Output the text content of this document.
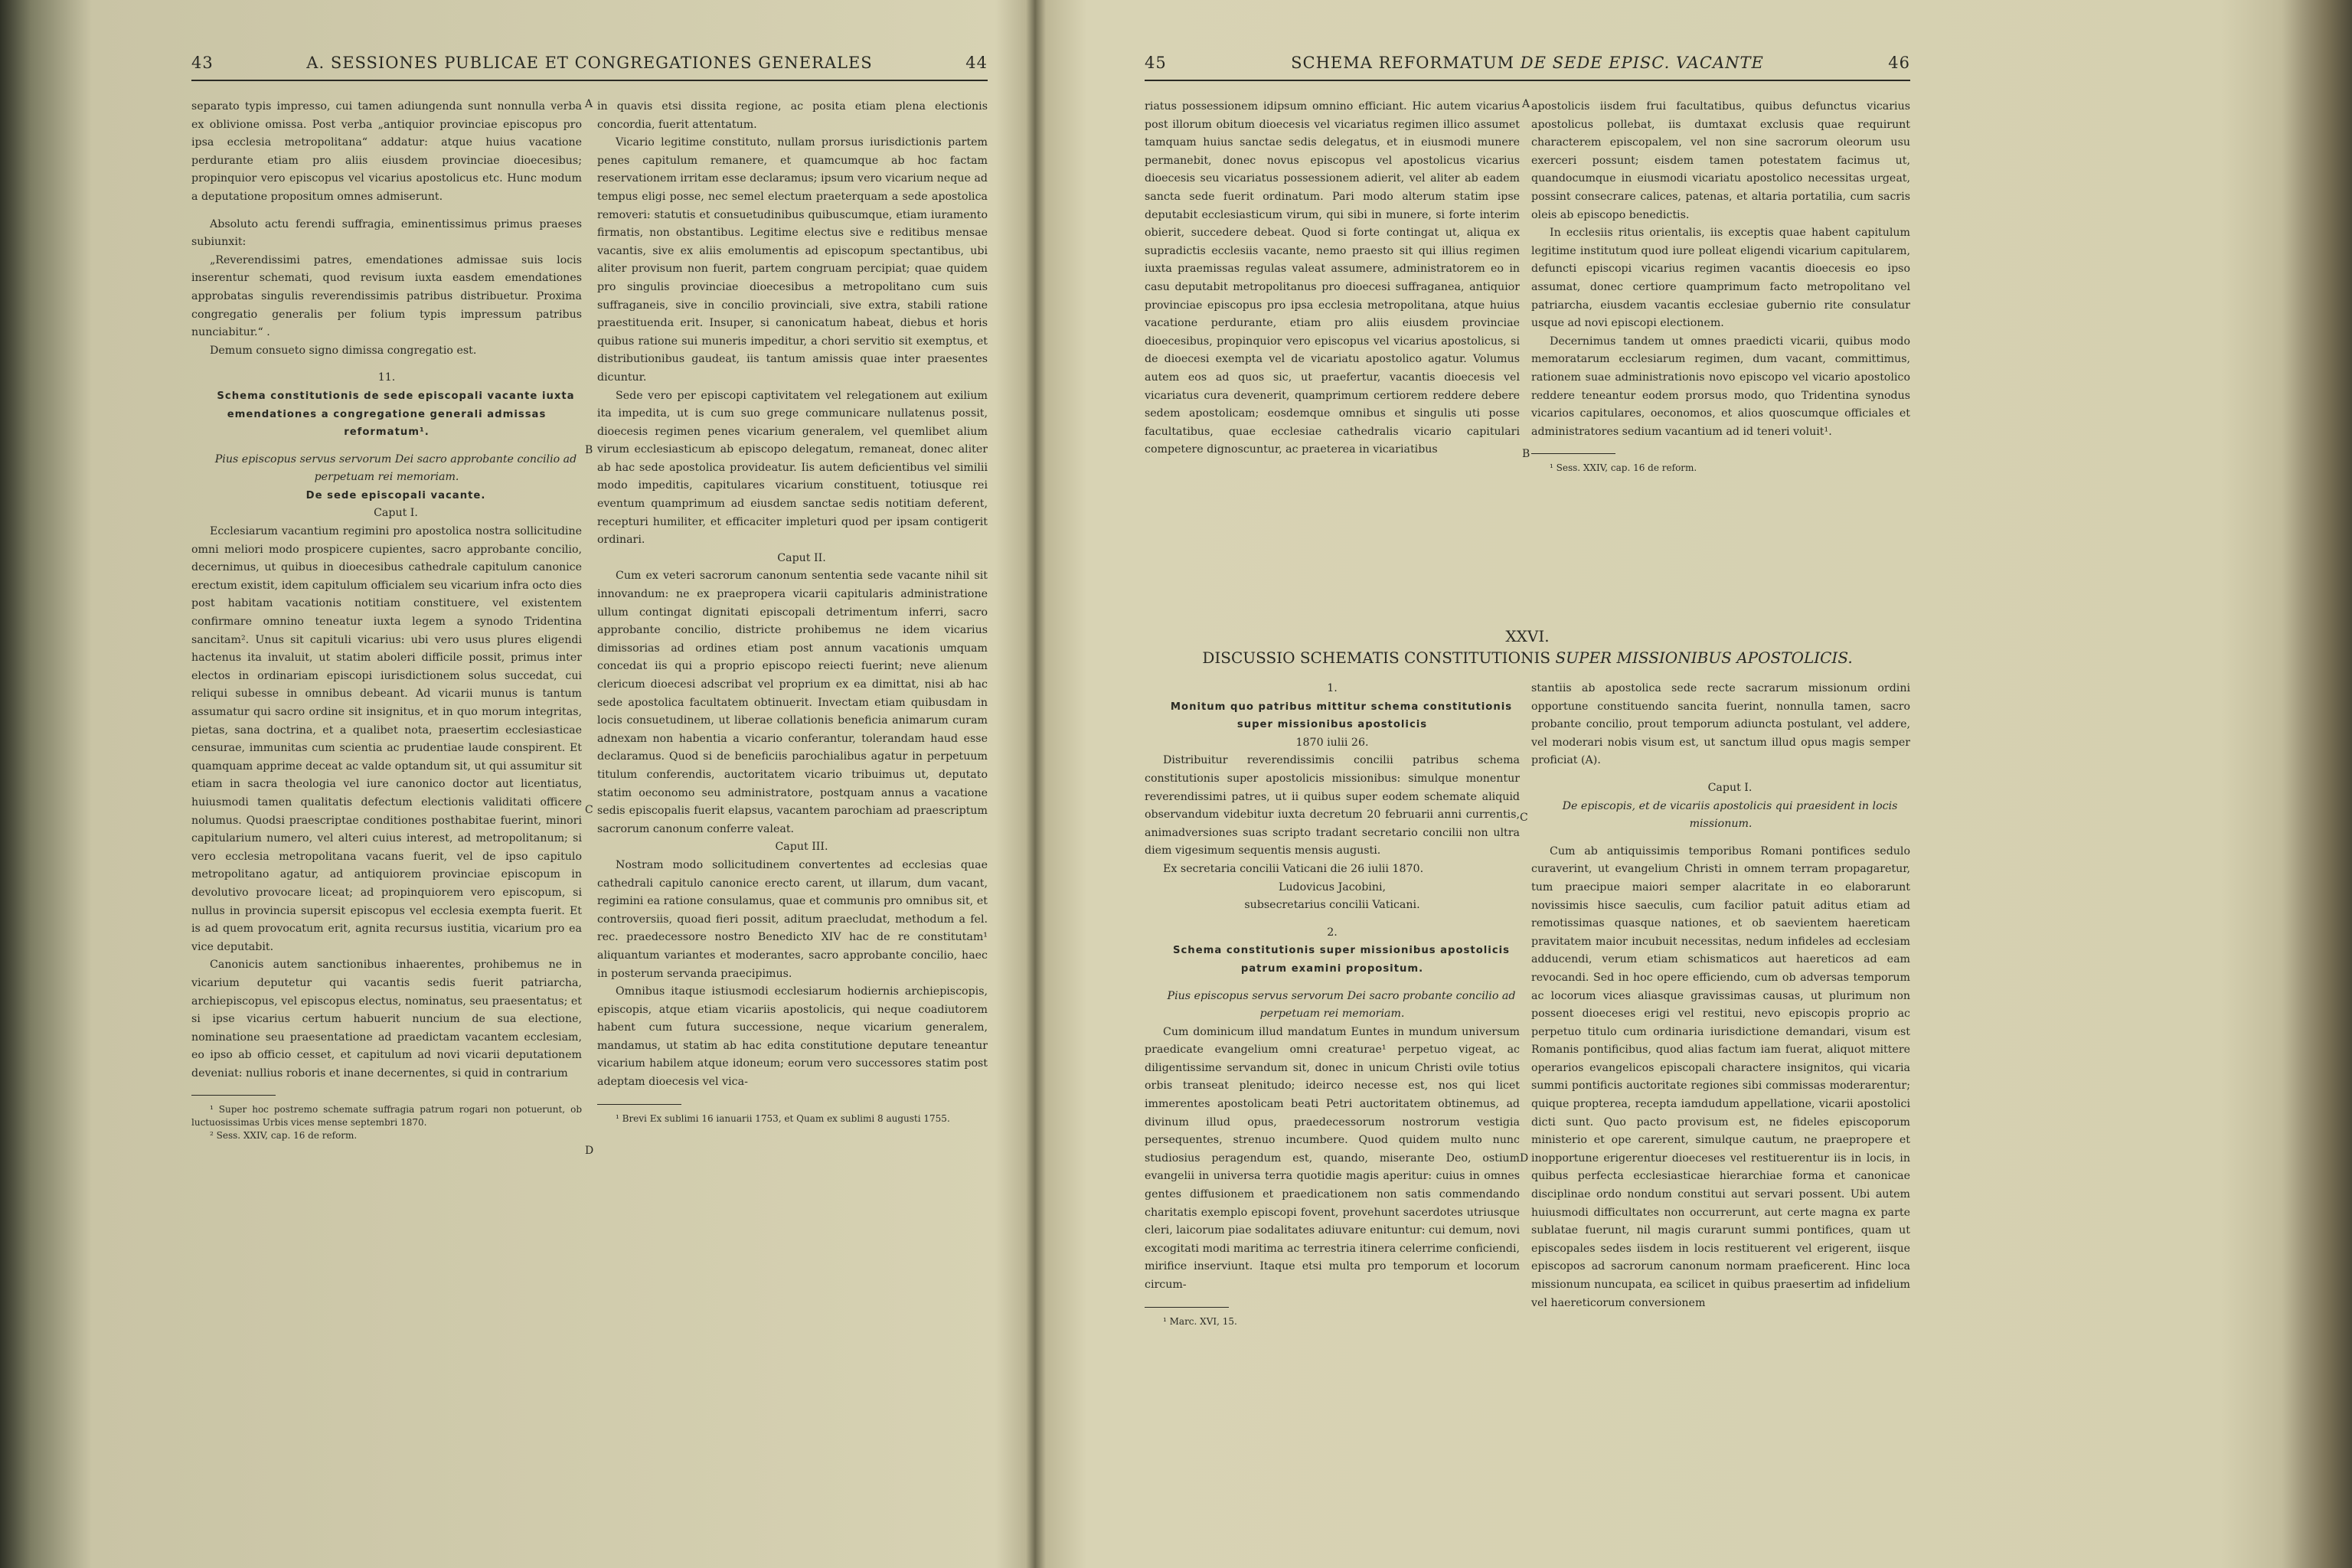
43	A. SESSIONES PUBLICAE ET CONGREGATIONES GENERALES	44

separato typis impresso, cui tamen adiungenda sunt nonnulla verba ex oblivione omissa. Post verba „antiquior provinciae episcopus pro ipsa ecclesia metropolitana“ addatur: atque huius vacatione perdurante etiam pro aliis eiusdem provinciae dioecesibus; propinquior vero episcopus vel vicarius apostolicus etc. Hunc modum a deputatione propositum omnes admiserunt.

Absoluto actu ferendi suffragia, eminentissimus primus praeses subiunxit:

„Reverendissimi patres, emendationes admissae suis locis inserentur schemati, quod revisum iuxta easdem emendationes approbatas singulis reverendissimis patribus distribuetur. Proxima congregatio generalis per folium typis impressum patribus nunciabitur.“ .

Demum consueto signo dimissa congregatio est.

11.

Schema constitutionis de sede episcopali vacante iuxta emendationes a congregatione generali admissas reformatum¹.

Pius episcopus servus servorum Dei sacro approbante concilio ad perpetuam rei memoriam.

De sede episcopali vacante.

Caput I.

Ecclesiarum vacantium regimini pro apostolica nostra sollicitudine omni meliori modo prospicere cupientes, sacro approbante concilio, decernimus, ut quibus in dioecesibus cathedrale capitulum canonice erectum existit, idem capitulum officialem seu vicarium infra octo dies post habitam vacationis notitiam constituere, vel existentem confirmare omnino teneatur iuxta legem a synodo Tridentina sancitam². Unus sit capituli vicarius: ubi vero usus plures eligendi hactenus ita invaluit, ut statim aboleri difficile possit, primus inter electos in ordinariam episcopi iurisdictionem solus succedat, cui reliqui subesse in omnibus debeant. Ad vicarii munus is tantum assumatur qui sacro ordine sit insignitus, et in quo morum integritas, pietas, sana doctrina, et a qualibet nota, praesertim ecclesiasticae censurae, immunitas cum scientia ac prudentiae laude conspirent. Et quamquam apprime deceat ac valde optandum sit, ut qui assumitur sit etiam in sacra theologia vel iure canonico doctor aut licentiatus, huiusmodi tamen qualitatis defectum electionis validitati officere nolumus. Quodsi praescriptae conditiones posthabitae fuerint, minori capitularium numero, vel alteri cuius interest, ad metropolitanum; si vero ecclesia metropolitana vacans fuerit, vel de ipso capitulo metropolitano agatur, ad antiquiorem provinciae episcopum in devolutivo provocare liceat; ad propinquiorem vero episcopum, si nullus in provincia supersit episcopus vel ecclesia exempta fuerit. Et is ad quem provocatum erit, agnita recursus iustitia, vicarium pro ea vice deputabit.

Canonicis autem sanctionibus inhaerentes, prohibemus ne in vicarium deputetur qui vacantis sedis fuerit patriarcha, archiepiscopus, vel episcopus electus, nominatus, seu praesentatus; et si ipse vicarius certum habuerit nuncium de sua electione, nominatione seu praesentatione ad praedictam vacantem ecclesiam, eo ipso ab officio cesset, et capitulum ad novi vicarii deputationem deveniat: nullius roboris et inane decernentes, si quid in contrarium

¹ Super hoc postremo schemate suffragia patrum rogari non potuerunt, ob luctuosissimas Urbis vices mense septembri 1870.

² Sess. XXIV, cap. 16 de reform.

in quavis etsi dissita regione, ac posita etiam plena electionis concordia, fuerit attentatum.

Vicario legitime constituto, nullam prorsus iurisdictionis partem penes capitulum remanere, et quamcumque ab hoc factam reservationem irritam esse declaramus; ipsum vero vicarium neque ad tempus eligi posse, nec semel electum praeterquam a sede apostolica removeri: statutis et consuetudinibus quibuscumque, etiam iuramento firmatis, non obstantibus. Legitime electus sive e reditibus mensae vacantis, sive ex aliis emolumentis ad episcopum spectantibus, ubi aliter provisum non fuerit, partem congruam percipiat; quae quidem pro singulis provinciae dioecesibus a metropolitano cum suis suffraganeis, sive in concilio provinciali, sive extra, stabili ratione praestituenda erit. Insuper, si canonicatum habeat, diebus et horis quibus ratione sui muneris impeditur, a chori servitio sit exemptus, et distributionibus gaudeat, iis tantum amissis quae inter praesentes dicuntur.

Sede vero per episcopi captivitatem vel relegationem aut exilium ita impedita, ut is cum suo grege communicare nullatenus possit, dioecesis regimen penes vicarium generalem, vel quemlibet alium virum ecclesiasticum ab episcopo delegatum, remaneat, donec aliter ab hac sede apostolica provideatur. Iis autem deficientibus vel similii modo impeditis, capitulares vicarium constituent, totiusque rei eventum quamprimum ad eiusdem sanctae sedis notitiam deferent, recepturi humiliter, et efficaciter impleturi quod per ipsam contigerit ordinari.

Caput II.

Cum ex veteri sacrorum canonum sententia sede vacante nihil sit innovandum: ne ex praepropera vicarii capitularis administratione ullum contingat dignitati episcopali detrimentum inferri, sacro approbante concilio, districte prohibemus ne idem vicarius dimissorias ad ordines etiam post annum vacationis umquam concedat iis qui a proprio episcopo reiecti fuerint; neve alienum clericum dioecesi adscribat vel proprium ex ea dimittat, nisi ab hac sede apostolica facultatem obtinuerit. Invectam etiam quibusdam in locis consuetudinem, ut liberae collationis beneficia animarum curam adnexam non habentia a vicario conferantur, tolerandam haud esse declaramus. Quod si de beneficiis parochialibus agatur in perpetuum titulum conferendis, auctoritatem vicario tribuimus ut, deputato statim oeconomo seu administratore, postquam annus a vacatione sedis episcopalis fuerit elapsus, vacantem parochiam ad praescriptum sacrorum canonum conferre valeat.

Caput III.

Nostram modo sollicitudinem convertentes ad ecclesias quae cathedrali capitulo canonice erecto carent, ut illarum, dum vacant, regimini ea ratione consulamus, quae et communis pro omnibus sit, et controversiis, quoad fieri possit, aditum praecludat, methodum a fel. rec. praedecessore nostro Benedicto XIV hac de re constitutam¹ aliquantum variantes et moderantes, sacro approbante concilio, haec in posterum servanda praecipimus.

Omnibus itaque istiusmodi ecclesiarum hodiernis archiepiscopis, episcopis, atque etiam vicariis apostolicis, qui neque coadiutorem habent cum futura successione, neque vicarium generalem, mandamus, ut statim ab hac edita constitutione deputare teneantur vicarium habilem atque idoneum; eorum vero successores statim post adeptam dioecesis vel vica-

¹ Brevi Ex sublimi 16 ianuarii 1753, et Quam ex sublimi 8 augusti 1755.

A
B
C
D
45	SCHEMA REFORMATUM DE SEDE EPISC. VACANTE	46

riatus possessionem idipsum omnino efficiant. Hic autem vicarius post illorum obitum dioecesis vel vicariatus regimen illico assumet tamquam huius sanctae sedis delegatus, et in eiusmodi munere permanebit, donec novus episcopus vel apostolicus vicarius dioecesis seu vicariatus possessionem adierit, vel aliter ab eadem sancta sede fuerit ordinatum. Pari modo alterum statim ipse deputabit ecclesiasticum virum, qui sibi in munere, si forte interim obierit, succedere debeat. Quod si forte contingat ut, aliqua ex supradictis ecclesiis vacante, nemo praesto sit qui illius regimen iuxta praemissas regulas valeat assumere, administratorem eo in casu deputabit metropolitanus pro dioecesi suffraganea, antiquior provinciae episcopus pro ipsa ecclesia metropolitana, atque huius vacatione perdurante, etiam pro aliis eiusdem provinciae dioecesibus, propinquior vero episcopus vel vicarius apostolicus, si de dioecesi exempta vel de vicariatu apostolico agatur. Volumus autem eos ad quos sic, ut praefertur, vacantis dioecesis vel vicariatus cura devenerit, quamprimum certiorem reddere debere sedem apostolicam; eosdemque omnibus et singulis uti posse facultatibus, quae ecclesiae cathedralis vicario capitulari competere dignoscuntur, ac praeterea in vicariatibus

apostolicis iisdem frui facultatibus, quibus defunctus vicarius apostolicus pollebat, iis dumtaxat exclusis quae requirunt characterem episcopalem, vel non sine sacrorum oleorum usu exerceri possunt; eisdem tamen potestatem facimus ut, quandocumque in eiusmodi vicariatu apostolico necessitas urgeat, possint consecrare calices, patenas, et altaria portatilia, cum sacris oleis ab episcopo benedictis.

In ecclesiis ritus orientalis, iis exceptis quae habent capitulum legitime institutum quod iure polleat eligendi vicarium capitularem, defuncti episcopi vicarius regimen vacantis dioecesis eo ipso assumat, donec certiore quamprimum facto metropolitano vel patriarcha, eiusdem vacantis ecclesiae gubernio rite consulatur usque ad novi episcopi electionem.

Decernimus tandem ut omnes praedicti vicarii, quibus modo memoratarum ecclesiarum regimen, dum vacant, committimus, rationem suae administrationis novo episcopo vel vicario apostolico reddere teneantur eodem prorsus modo, quo Tridentina synodus vicarios capitulares, oeconomos, et alios quoscumque officiales et administratores sedium vacantium ad id teneri voluit¹.

¹ Sess. XXIV, cap. 16 de reform.

XXVI.
DISCUSSIO SCHEMATIS CONSTITUTIONIS SUPER MISSIONIBUS APOSTOLICIS.

1.

Monitum quo patribus mittitur schema constitutionis super missionibus apostolicis

1870 iulii 26.

Distribuitur reverendissimis concilii patribus schema constitutionis super apostolicis missionibus: simulque monentur reverendissimi patres, ut ii quibus super eodem schemate aliquid observandum videbitur iuxta decretum 20 februarii anni currentis, animadversiones suas scripto tradant secretario concilii non ultra diem vigesimum sequentis mensis augusti.

Ex secretaria concilii Vaticani die 26 iulii 1870.

Ludovicus Jacobini,

subsecretarius concilii Vaticani.

2.

Schema constitutionis super missionibus apostolicis patrum examini propositum.

Pius episcopus servus servorum Dei sacro probante concilio ad perpetuam rei memoriam.

Cum dominicum illud mandatum Euntes in mundum universum praedicate evangelium omni creaturae¹ perpetuo vigeat, ac diligentissime servandum sit, donec in unicum Christi ovile totius orbis transeat plenitudo; ideirco necesse est, nos qui licet immerentes apostolicam beati Petri auctoritatem obtinemus, ad divinum illud opus, praedecessorum nostrorum vestigia persequentes, strenuo incumbere. Quod quidem multo nunc studiosius peragendum est, quando, miserante Deo, ostium evangelii in universa terra quotidie magis aperitur: cuius in omnes gentes diffusionem et praedicationem non satis commendando charitatis exemplo episcopi fovent, provehunt sacerdotes utriusque cleri, laicorum piae sodalitates adiuvare enituntur: cui demum, novi excogitati modi maritima ac terrestria itinera celerrime conficiendi, mirifice inserviunt. Itaque etsi multa pro temporum et locorum circum-

¹ Marc. XVI, 15.

stantiis ab apostolica sede recte sacrarum missionum ordini opportune constituendo sancita fuerint, nonnulla tamen, sacro probante concilio, prout temporum adiuncta postulant, vel addere, vel moderari nobis visum est, ut sanctum illud opus magis semper proficiat (A).

Caput I.

De episcopis, et de vicariis apostolicis qui praesident in locis missionum.

Cum ab antiquissimis temporibus Romani pontifices sedulo curaverint, ut evangelium Christi in omnem terram propagaretur, tum praecipue maiori semper alacritate in eo elaborarunt novissimis hisce saeculis, cum facilior patuit aditus etiam ad remotissimas quasque nationes, et ob saevientem haereticam pravitatem maior incubuit necessitas, nedum infideles ad ecclesiam adducendi, verum etiam schismaticos aut haereticos ad eam revocandi. Sed in hoc opere efficiendo, cum ob adversas temporum ac locorum vices aliasque gravissimas causas, ut plurimum non possent dioeceses erigi vel restitui, nevo episcopis proprio ac perpetuo titulo cum ordinaria iurisdictione demandari, visum est Romanis pontificibus, quod alias factum iam fuerat, aliquot mittere operarios evangelicos episcopali charactere insignitos, qui vicaria summi pontificis auctoritate regiones sibi commissas moderarentur; quique propterea, recepta iamdudum appellatione, vicarii apostolici dicti sunt. Quo pacto provisum est, ne fideles episcoporum ministerio et ope carerent, simulque cautum, ne praepropere et inopportune erigerentur dioeceses vel restituerentur iis in locis, in quibus perfecta ecclesiasticae hierarchiae forma et canonicae disciplinae ordo nondum constitui aut servari possent. Ubi autem huiusmodi difficultates non occurrerunt, aut certe magna ex parte sublatae fuerunt, nil magis curarunt summi pontifices, quam ut episcopales sedes iisdem in locis restituerent vel erigerent, iisque episcopos ad sacrorum canonum normam praeficerent. Hinc loca missionum nuncupata, ea scilicet in quibus praesertim ad infidelium vel haereticorum conversionem

A
B
C
D
